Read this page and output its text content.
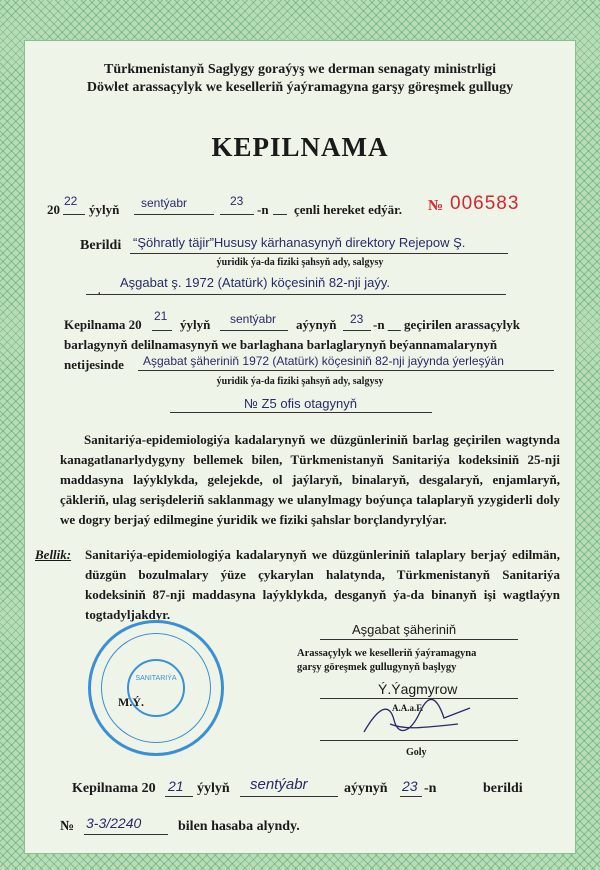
Türkmenistanyň Saglygy goraýyş we derman senagaty ministrligi
Döwlet arassaçylyk we keselleriň ýaýramagyna garşy göreşmek gullugy
KEPILNAMA
20
22
ýylyň sentýabr	23
-n çenli hereket edýär. № 006583
Berildi “Şöhratly täjir”Hususy kärhanasynyň direktory Rejepow Ş.
ýuridik ýa-da fiziki şahsyň ady, salgysy
Aşgabat ş. 1972 (Atatürk) köçesiniň 82-nji jaýy.
.
Kepilnama 20
21
ýylyň sentýabr aýynyň 23 -n __ geçirilen arassaçylyk
barlagynyň delilnamasynyň we barlaghana barlaglarynyň beýannamalarynyň
netijesinde Aşgabat şäheriniň 1972 (Atatürk) köçesiniň 82-nji jaýynda ýerleşýän
ýuridik ýa-da fiziki şahsyň ady, salgysy
№ Z5 ofis otagynyň
Sanitariýa-epidemiologiýa kadalarynyň we düzgünleriniň barlag geçirilen wagtynda kanagatlanarlydygyny bellemek bilen, Türkmenistanyň Sanitariýa kodeksiniň 25-nji maddasyna laýyklykda, gelejekde, ol jaýlaryň, binalaryň, desgalaryň, enjamlaryň, çäkleriň, ulag serişdeleriň saklanmagy we ulanylmagy boýunça talaplaryň yzygiderli doly we dogry berjaý edilmegine ýuridik we fiziki şahslar borçlandyrylýar.
Bellik: Sanitariýa-epidemiologiýa kadalarynyň we düzgünleriniň talaplary berjaý edilmän, düzgün bozulmalary ýüze çykarylan halatynda, Türkmenistanyň Sanitariýa kodeksiniň 87-nji maddasyna laýyklykda, desganyň ýa-da binanyň işi wagtlaýyn togtadyljakdyr.
Aşgabat şäheriniň
Arassaçylyk we keselleriň ýaýramagyna
garşy göreşmek gullugynyň başlygy
Ý.Ýagmyrow
A.A.a.F.
Goly
SANITARIÝA
M.Ý.
Kepilnama 20 21 ýylyň sentýabr	aýynyň 23 -n	berildi
№ 3-3/2240	bilen hasaba alyndy.
